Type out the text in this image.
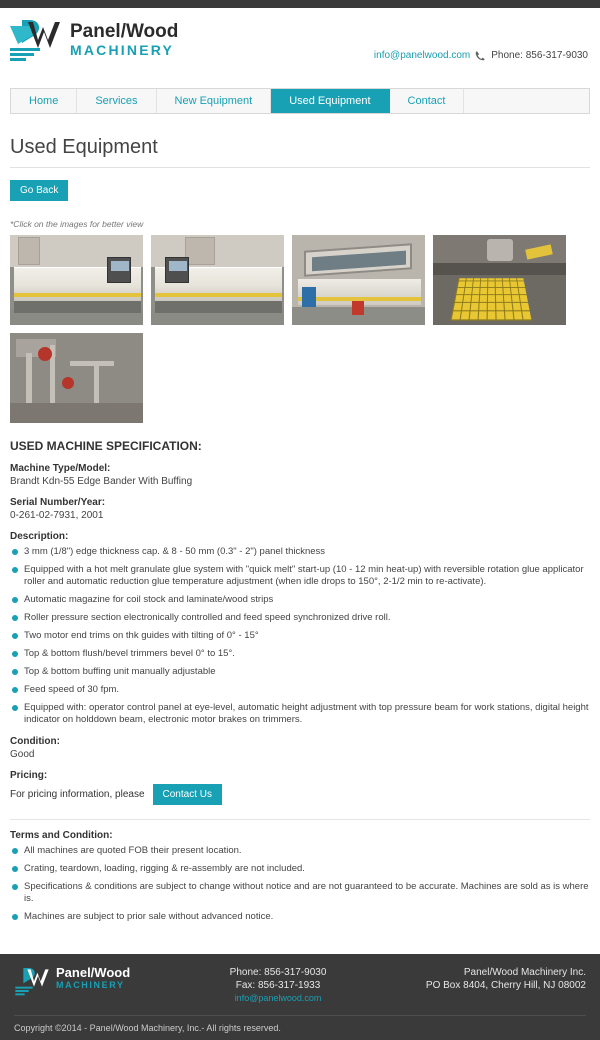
Panel/Wood
MACHINERY	info@panelwood.com Phone: 856-317-9030
Home	Services	New Equipment	Used Equipment	Contact
Used Equipment
Go Back
*Click on the images for better view
USED MACHINE SPECIFICATION:
Machine Type/Model:
Brandt Kdn-55 Edge Bander With Buffing
Serial Number/Year:
0-261-02-7931, 2001
Description:
3 mm (1/8") edge thickness cap. & 8 - 50 mm (0.3" - 2") panel thickness
Equipped with a hot melt granulate glue system with "quick melt" start-up (10 - 12 min heat-up) with reversible rotation glue applicator roller and automatic reduction glue temperature adjustment (when idle drops to 150°, 2-1/2 min to re-activate).
Automatic magazine for coil stock and laminate/wood strips
Roller pressure section electronically controlled and feed speed synchronized drive roll.
Two motor end trims on thk guides with tilting of 0° - 15°
Top & bottom flush/bevel trimmers bevel 0° to 15°.
Top & bottom buffing unit manually adjustable
Feed speed of 30 fpm.
Equipped with: operator control panel at eye-level, automatic height adjustment with top pressure beam for work stations, digital height indicator on holddown beam, electronic motor brakes on trimmers.
Condition:
Good
Pricing:
For pricing information, please	Contact Us
Terms and Condition:
All machines are quoted FOB their present location.
Crating, teardown, loading, rigging & re-assembly are not included.
Specifications & conditions are subject to change without notice and are not guaranteed to be accurate. Machines are sold as is where is.
Machines are subject to prior sale without advanced notice.
Panel/Wood
MACHINERY
Phone: 856-317-9030
Fax: 856-317-1933
info@panelwood.com
Panel/Wood Machinery Inc.
PO Box 8404, Cherry Hill, NJ 08002
Copyright ©2014 - Panel/Wood Machinery, Inc.- All rights reserved.
